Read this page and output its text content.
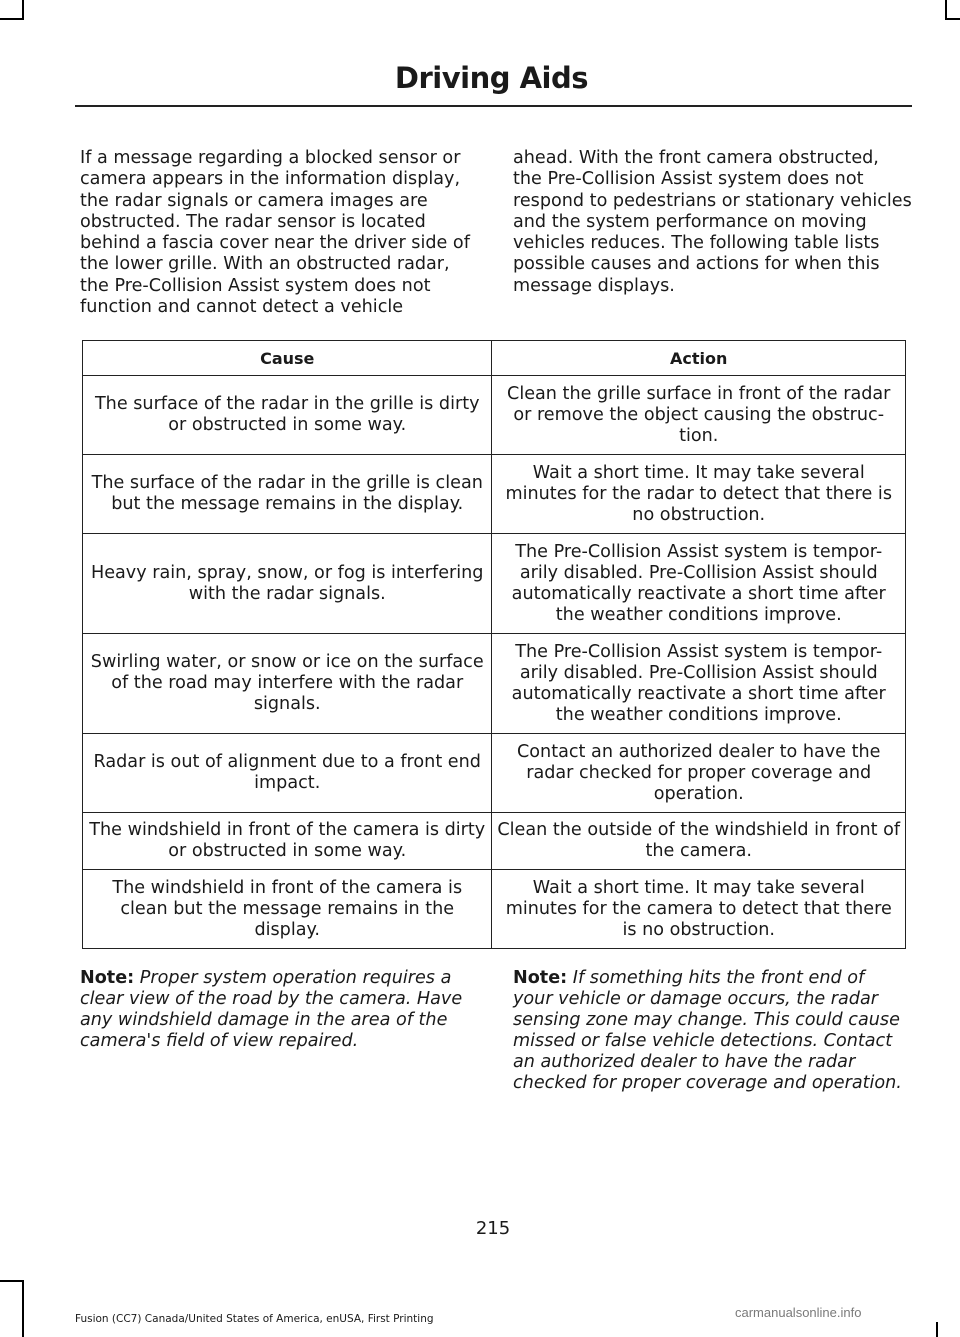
Driving Aids

If a message regarding a blocked sensor or camera appears in the information display, the radar signals or camera images are obstructed. The radar sensor is located behind a fascia cover near the driver side of the lower grille. With an obstructed radar, the Pre-Collision Assist system does not function and cannot detect a vehicle

ahead. With the front camera obstructed, the Pre-Collision Assist system does not respond to pedestrians or stationary vehicles and the system performance on moving vehicles reduces. The following table lists possible causes and actions for when this message displays.

Cause	Action
The surface of the radar in the grille is dirty or obstructed in some way.	Clean the grille surface in front of the radar or remove the object causing the obstruc-tion.
The surface of the radar in the grille is clean but the message remains in the display.	Wait a short time. It may take several minutes for the radar to detect that there is no obstruction.
Heavy rain, spray, snow, or fog is interfering with the radar signals.	The Pre-Collision Assist system is tempor-arily disabled. Pre-Collision Assist should automatically reactivate a short time after the weather conditions improve.
Swirling water, or snow or ice on the surface of the road may interfere with the radar signals.	The Pre-Collision Assist system is tempor-arily disabled. Pre-Collision Assist should automatically reactivate a short time after the weather conditions improve.
Radar is out of alignment due to a front end impact.	Contact an authorized dealer to have the radar checked for proper coverage and operation.
The windshield in front of the camera is dirty or obstructed in some way.	Clean the outside of the windshield in front of the camera.
The windshield in front of the camera is clean but the message remains in the display.	Wait a short time. It may take several minutes for the camera to detect that there is no obstruction.

Note: Proper system operation requires a clear view of the road by the camera. Have any windshield damage in the area of the camera's field of view repaired.

Note: If something hits the front end of your vehicle or damage occurs, the radar sensing zone may change. This could cause missed or false vehicle detections. Contact an authorized dealer to have the radar checked for proper coverage and operation.

215

Fusion (CC7) Canada/United States of America, enUSA, First Printing	carmanualsonline.info
